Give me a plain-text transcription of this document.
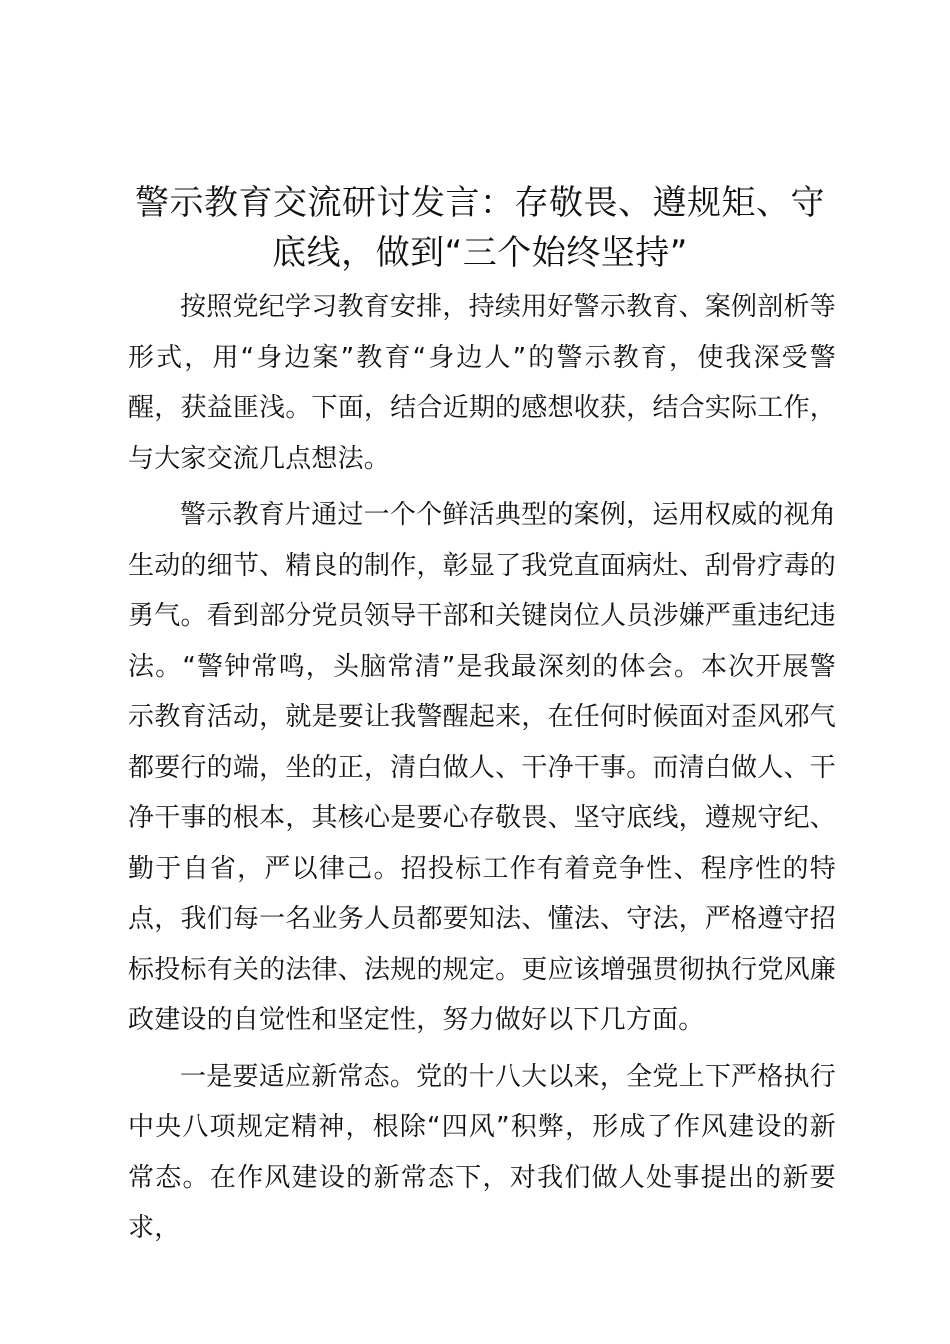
警示教育交流研讨发言：存敬畏、遵规矩、守
底线，做到“三个始终坚持”

按照党纪学习教育安排，持续用好警示教育、案例剖析等形式，用“身边案”教育“身边人”的警示教育，使我深受警醒，获益匪浅。下面，结合近期的感想收获，结合实际工作，与大家交流几点想法。

警示教育片通过一个个鲜活典型的案例，运用权威的视角生动的细节、精良的制作，彰显了我党直面病灶、刮骨疗毒的勇气。看到部分党员领导干部和关键岗位人员涉嫌严重违纪违法。“警钟常鸣，头脑常清”是我最深刻的体会。本次开展警示教育活动，就是要让我警醒起来，在任何时候面对歪风邪气都要行的端，坐的正，清白做人、干净干事。而清白做人、干净干事的根本，其核心是要心存敬畏、坚守底线，遵规守纪、勤于自省，严以律己。招投标工作有着竞争性、程序性的特点，我们每一名业务人员都要知法、懂法、守法，严格遵守招标投标有关的法律、法规的规定。更应该增强贯彻执行党风廉政建设的自觉性和坚定性，努力做好以下几方面。

一是要适应新常态。党的十八大以来，全党上下严格执行中央八项规定精神，根除“四风”积弊，形成了作风建设的新常态。在作风建设的新常态下，对我们做人处事提出的新要求，
